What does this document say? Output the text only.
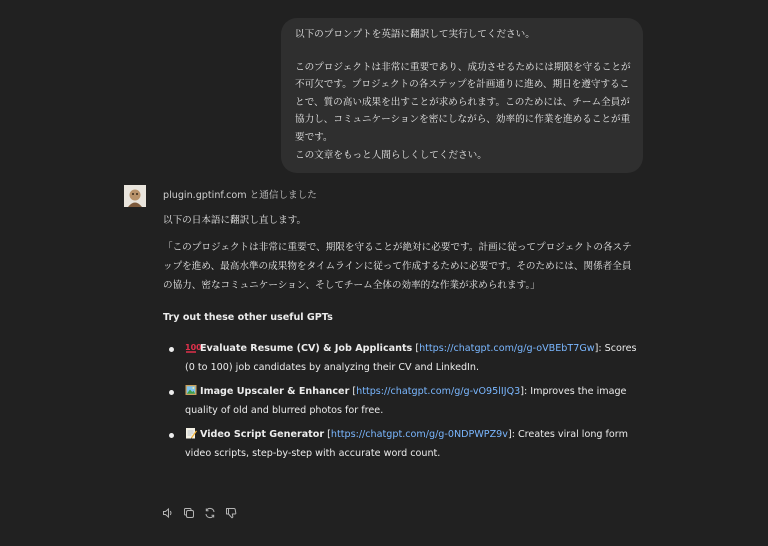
以下のプロンプトを英語に翻訳して実行してください。

このプロジェクトは非常に重要であり、成功させるためには期限を守ることが不可欠です。プロジェクトの各ステップを計画通りに進め、期日を遵守することで、質の高い成果を出すことが求められます。このためには、チーム全員が協力し、コミュニケーションを密にしながら、効率的に作業を進めることが重要です。

この文章をもっと人間らしくしてください。

plugin.gptinf.com と通信しました
以下の日本語に翻訳し直します。
「このプロジェクトは非常に重要で、期限を守ることが絶対に必要です。計画に従ってプロジェクトの各ステップを進め、最高水準の成果物をタイムラインに従って作成するために必要です。そのためには、関係者全員の協力、密なコミュニケーション、そしてチーム全体の効率的な作業が求められます。」
Try out these other useful GPTs
100
Evaluate Resume (CV) & Job Applicants [https://chatgpt.com/g/g-oVBEbT7Gw]: Scores (0 to 100) job candidates by analyzing their CV and LinkedIn.
Image Upscaler & Enhancer [https://chatgpt.com/g/g-vO95lIJQ3]: Improves the image quality of old and blurred photos for free.
Video Script Generator [https://chatgpt.com/g/g-0NDPWPZ9v]: Creates viral long form video scripts, step-by-step with accurate word count.
